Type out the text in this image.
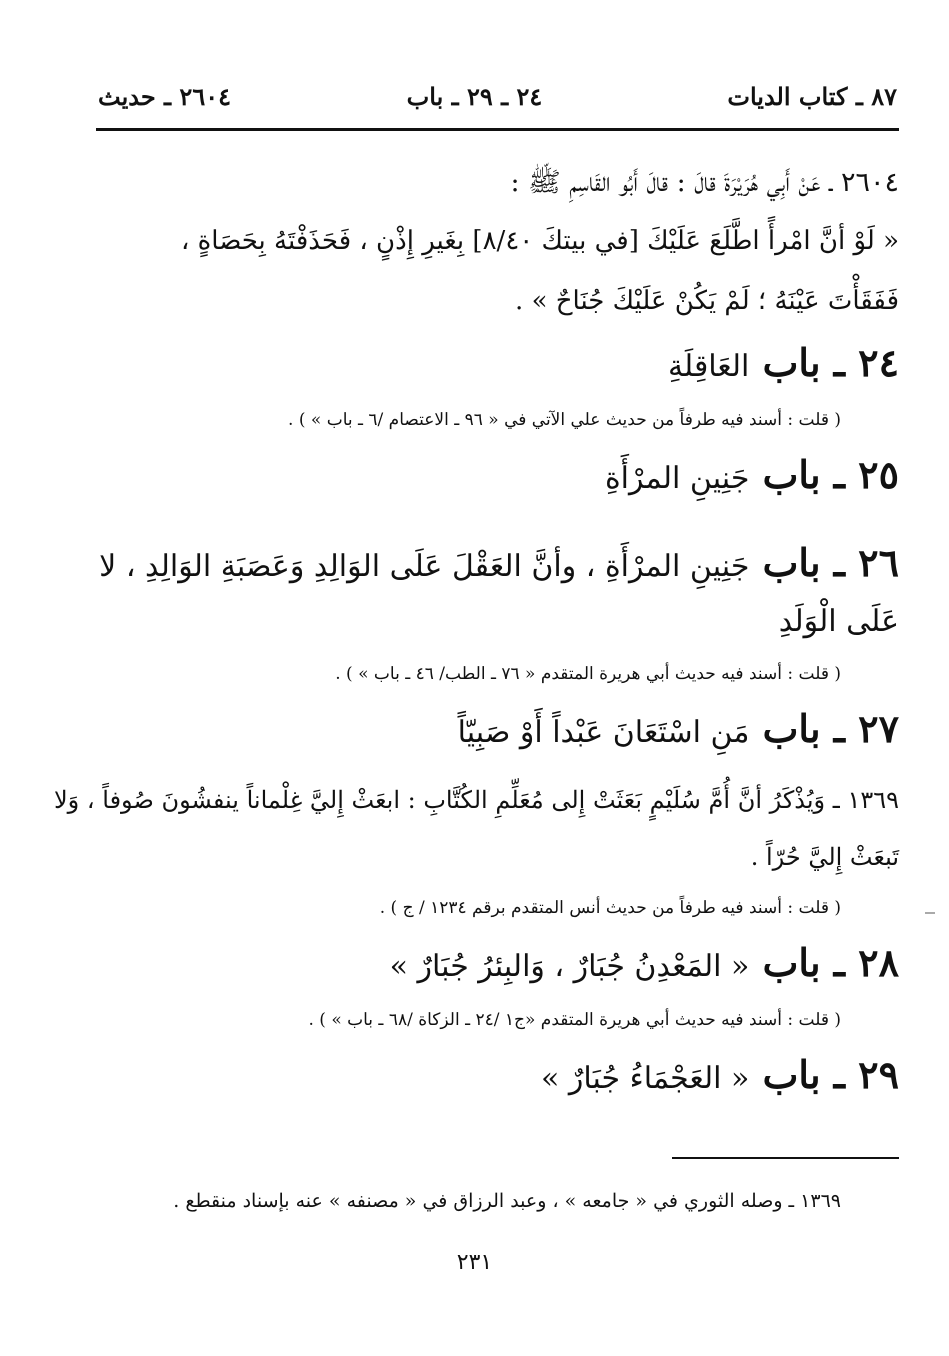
٨٧ ـ كتاب الديات
٢٤ ـ ٢٩ ـ باب
٢٦٠٤ ـ حديث
٢٦٠٤ ـ عَنْ أَبِي هُرَيْرَةَ قالَ : قالَ أَبُو القَاسِمِ ﷺ :
« لَوْ أنَّ امْرأً اطَّلَعَ عَلَيْكَ [في بيتكَ ٨/٤٠] بِغَيرِ إِذْنٍ ، فَحَذَفْتَهُ بِحَصَاةٍ ،
فَفَقَأْتَ عَيْنَهُ ؛ لَمْ يَكُنْ عَلَيْكَ جُنَاحٌ » .
٢٤ ـ باب العَاقِلَةِ
( قلت : أسند فيه طرفاً من حديث علي الآتي في « ٩٦ ـ الاعتصام /٦ ـ باب » ) .
٢٥ ـ باب جَنِينِ المرْأَةِ
٢٦ ـ باب جَنِينِ المرْأَةِ ، وأنَّ العَقْلَ عَلَى الوَالِدِ وَعَصَبَةِ الوَالِدِ ، لا
عَلَى الْوَلَدِ
( قلت : أسند فيه حديث أبي هريرة المتقدم « ٧٦ ـ الطب/ ٤٦ ـ باب » ) .
٢٧ ـ باب مَنِ اسْتَعَانَ عَبْداً أَوْ صَبِيّاً
١٣٦٩ ـ وَيُذْكَرُ أنَّ أُمَّ سُلَيْمٍ بَعَثَتْ إِلى مُعَلِّمِ الكُتَّابِ : ابعَثْ إِليَّ غِلْماناً ينفشُونَ صُوفاً ، وَلا
تَبعَثْ إِليَّ حُرّاً .
( قلت : أسند فيه طرفاً من حديث أنس المتقدم برقم ١٢٣٤ / ج ) .
٢٨ ـ باب « المَعْدِنُ جُبَارٌ ، وَالبِئرُ جُبَارٌ »
( قلت : أسند فيه حديث أبي هريرة المتقدم «ج١ /٢٤ ـ الزكاة /٦٨ ـ باب » ) .
٢٩ ـ باب « العَجْمَاءُ جُبَارٌ »
١٣٦٩ ـ وصله الثوري في « جامعه » ، وعبد الرزاق في « مصنفه » عنه بإسناد منقطع .
٢٣١
